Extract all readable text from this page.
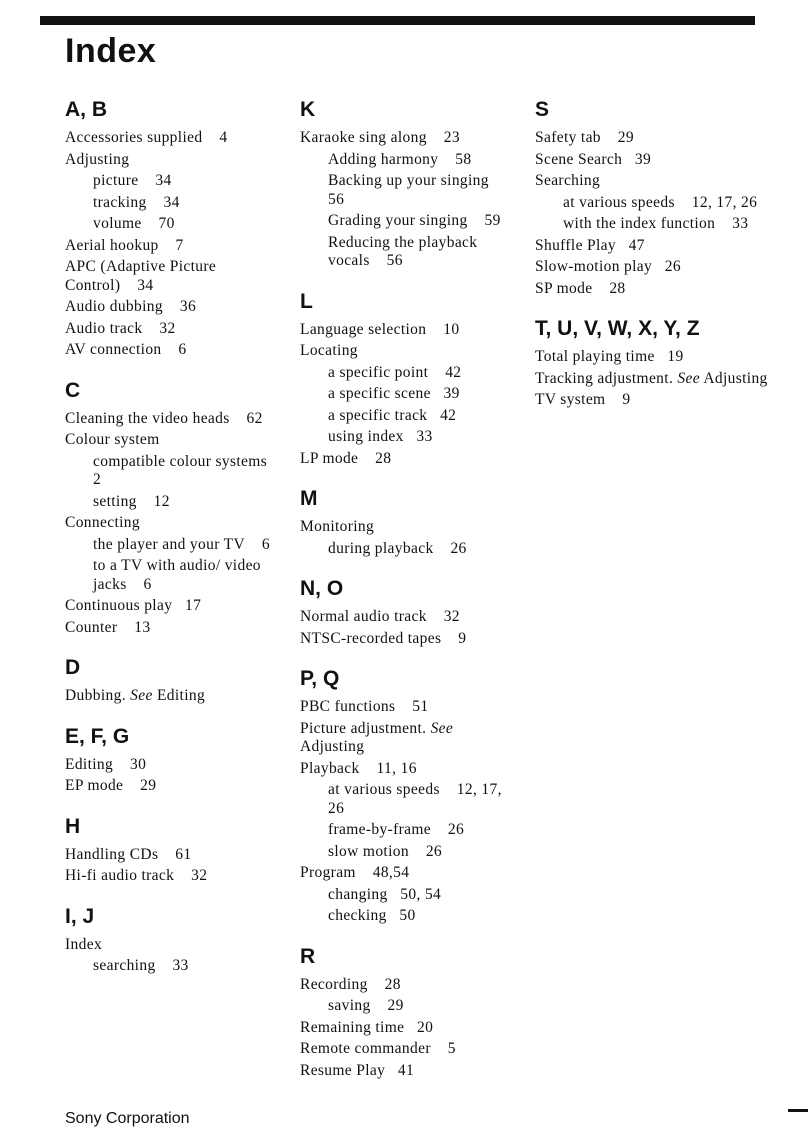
Index
A, B
Accessories supplied    4
Adjusting
picture    34
tracking    34
volume    70
Aerial hookup    7
APC (Adaptive Picture Control)    34
Audio dubbing    36
Audio track    32
AV connection    6
C
Cleaning the video heads    62
Colour system
compatible colour systems    2
setting    12
Connecting
the player and your TV    6
to a TV with audio/ video jacks    6
Continuous play   17
Counter    13
D
Dubbing. See Editing
E, F, G
Editing    30
EP mode    29
H
Handling CDs    61
Hi-fi audio track    32
I, J
Index
searching    33
K
Karaoke sing along    23
Adding harmony    58
Backing up your singing    56
Grading your singing    59
Reducing the playback vocals    56
L
Language selection    10
Locating
a specific point    42
a specific scene   39
a specific track   42
using index   33
LP mode    28
M
Monitoring
during playback    26
N, O
Normal audio track    32
NTSC-recorded tapes    9
P, Q
PBC functions    51
Picture adjustment. See Adjusting
Playback    11, 16
at various speeds    12, 17, 26
frame-by-frame    26
slow motion    26
Program    48,54
changing   50, 54
checking   50
R
Recording    28
saving    29
Remaining time   20
Remote commander    5
Resume Play   41
S
Safety tab    29
Scene Search   39
Searching
at various speeds    12, 17, 26
with the index function    33
Shuffle Play   47
Slow-motion play   26
SP mode    28
T, U, V, W, X, Y, Z
Total playing time   19
Tracking adjustment. See Adjusting
TV system    9
Sony Corporation
